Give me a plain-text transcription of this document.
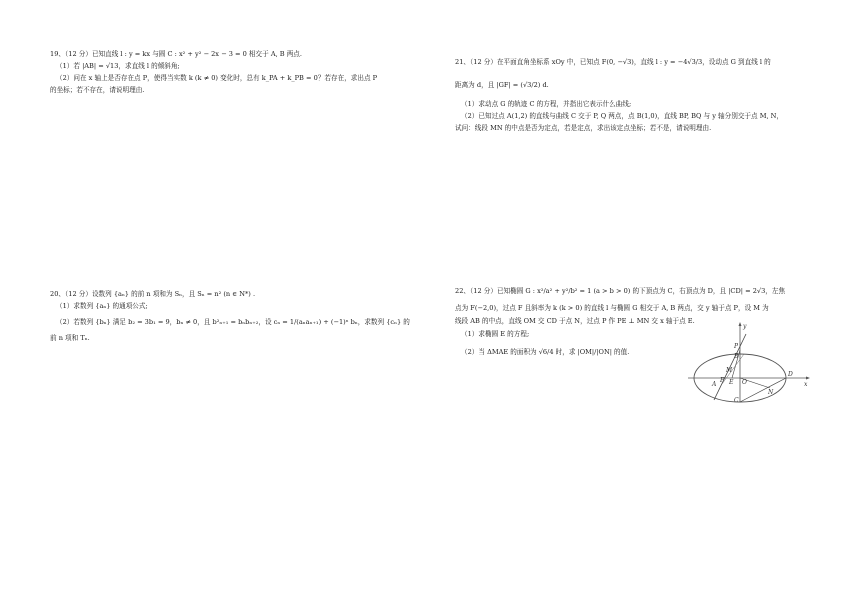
19、（12 分）已知直线 l : y = kx 与圆 C : x² + y² − 2x − 3 = 0 相交于 A, B 两点.

（1）若 |AB| = √13，求直线 l 的倾斜角;

（2）问在 x 轴上是否存在点 P，使得当实数 k (k ≠ 0) 变化时，总有 k_PA + k_PB = 0？若存在，求出点 P

的坐标；若不存在，请说明理由.

20、（12 分）设数列 {aₙ} 的前 n 项和为 Sₙ，且 Sₙ = n² (n ∈ N*) .

（1）求数列 {aₙ} 的通项公式;

（2）若数列 {bₙ} 满足 b₂ = 3b₁ = 9，bₙ ≠ 0，且 b²ₙ₊₁ = bₙbₙ₊₂，设 cₙ = 1/(aₙaₙ₊₁) + (−1)ⁿ bₙ，求数列 {cₙ} 的

前 n 项和 Tₙ.

21、（12 分）在平面直角坐标系 xOy 中，已知点 F(0, −√3)，直线 l : y = −4√3/3，设动点 G 到直线 l 的

距离为 d，且 |GF| = (√3/2) d.

（1）求动点 G 的轨迹 C 的方程，并指出它表示什么曲线;

（2）已知过点 A(1,2) 的直线与曲线 C 交于 P, Q 两点，点 B(1,0)，直线 BP, BQ 与 y 轴分别交于点 M, N，

试问：线段 MN 的中点是否为定点，若是定点，求出该定点坐标；若不是，请说明理由.

22、（12 分）已知椭圆 G : x²/a² + y²/b² = 1 (a > b > 0) 的下顶点为 C，右顶点为 D，且 |CD| = 2√3，左焦

点为 F(−2,0)，过点 F 且斜率为 k (k > 0) 的直线 l 与椭圆 G 相交于 A, B 两点，交 y 轴于点 P，设 M 为

线段 AB 的中点，直线 OM 交 CD 于点 N，过点 P 作 PE ⊥ MN 交 x 轴于点 E.

（1）求椭圆 E 的方程;

（2）当 ΔMAE 的面积为 √6/4 时，求 |OM|/|ON| 的值.

y
P
B
M
N
A
F E O
D
x
C
